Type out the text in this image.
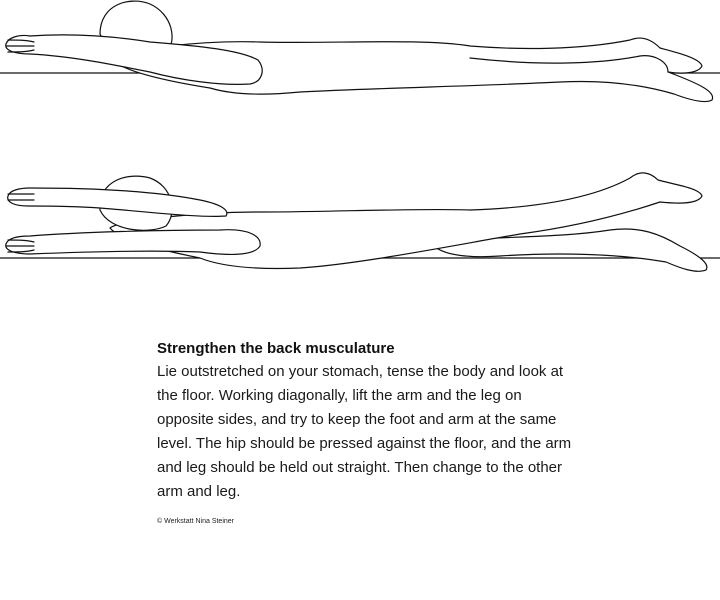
Strengthen the back musculature

Lie outstretched on your stomach, tense the body and look at the floor. Working diagonally, lift the arm and the leg on opposite sides, and try to keep the foot and arm at the same level. The hip should be pressed against the floor, and the arm and leg should be held out straight. Then change to the other arm and leg.

© Werkstatt Nina Steiner
